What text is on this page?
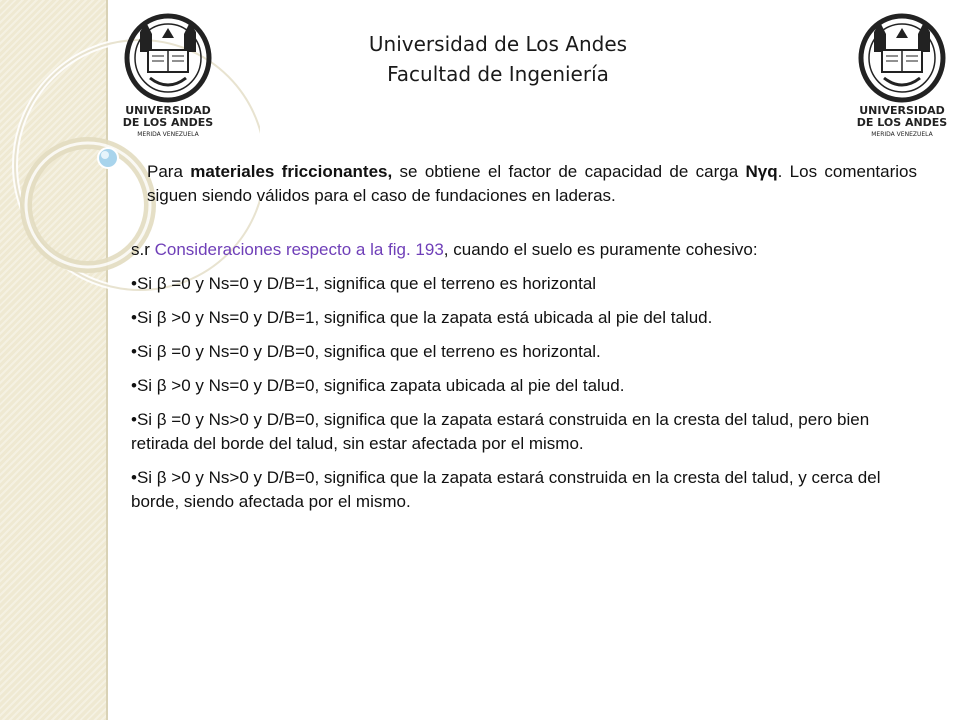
Universidad de Los Andes
Facultad de Ingeniería
UNIVERSIDAD
DE LOS ANDES
MERIDA VENEZUELA
UNIVERSIDAD
DE LOS ANDES
MERIDA VENEZUELA
Para materiales friccionantes, se obtiene el factor de capacidad de carga Nγq. Los comentarios siguen siendo válidos para el caso de fundaciones en laderas.

s.r Consideraciones respecto a la fig. 193, cuando el suelo es puramente cohesivo:

•Si β =0 y Ns=0 y D/B=1, significa que el terreno es horizontal

•Si β >0 y Ns=0 y D/B=1, significa que la zapata está ubicada al pie del talud.

•Si β =0 y Ns=0 y D/B=0, significa que el terreno es horizontal.

•Si β >0 y Ns=0 y D/B=0, significa zapata ubicada al pie del talud.

•Si β =0 y Ns>0 y D/B=0, significa que la zapata estará construida en la cresta del talud, pero bien retirada del borde del talud, sin estar afectada por el mismo.

•Si β >0 y Ns>0 y D/B=0, significa que la zapata estará construida en la cresta del talud, y cerca del borde, siendo afectada por el mismo.
